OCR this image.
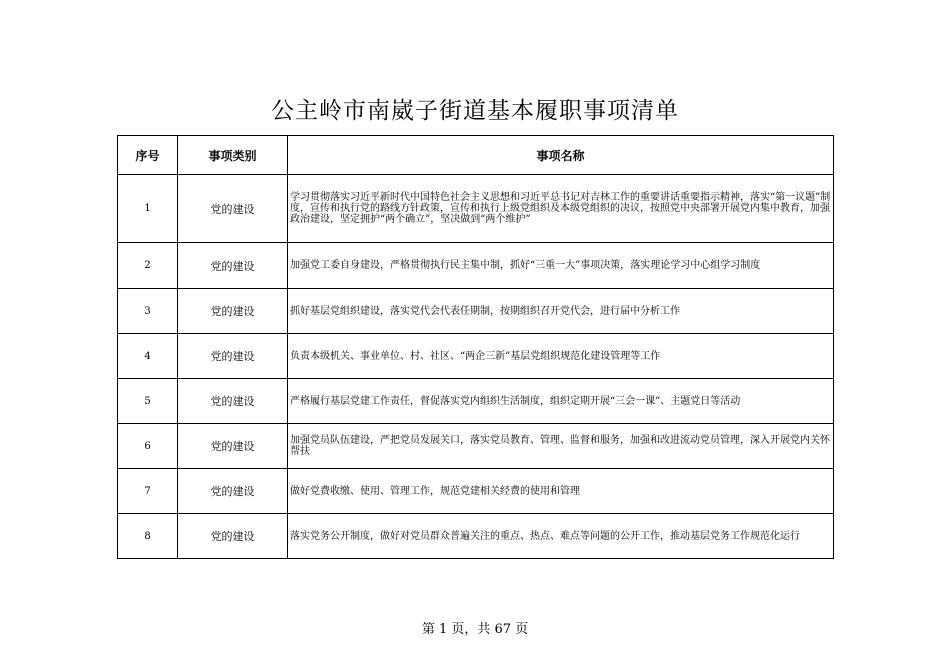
公主岭市南崴子街道基本履职事项清单
序号	事项类别	事项名称
1	党的建设	学习贯彻落实习近平新时代中国特色社会主义思想和习近平总书记对吉林工作的重要讲话重要指示精神，落实“第一议题”制度，宣传和执行党的路线方针政策，宣传和执行上级党组织及本级党组织的决议，按照党中央部署开展党内集中教育，加强政治建设，坚定拥护“两个确立”，坚决做到“两个维护”
2	党的建设	加强党工委自身建设，严格贯彻执行民主集中制，抓好“三重一大”事项决策，落实理论学习中心组学习制度
3	党的建设	抓好基层党组织建设，落实党代会代表任期制，按期组织召开党代会，进行届中分析工作
4	党的建设	负责本级机关、事业单位、村、社区、“两企三新”基层党组织规范化建设管理等工作
5	党的建设	严格履行基层党建工作责任，督促落实党内组织生活制度，组织定期开展“三会一课”、主题党日等活动
6	党的建设	加强党员队伍建设，严把党员发展关口，落实党员教育、管理、监督和服务，加强和改进流动党员管理，深入开展党内关怀帮扶
7	党的建设	做好党费收缴、使用、管理工作，规范党建相关经费的使用和管理
8	党的建设	落实党务公开制度，做好对党员群众普遍关注的重点、热点、难点等问题的公开工作，推动基层党务工作规范化运行
第 1 页，共 67 页
